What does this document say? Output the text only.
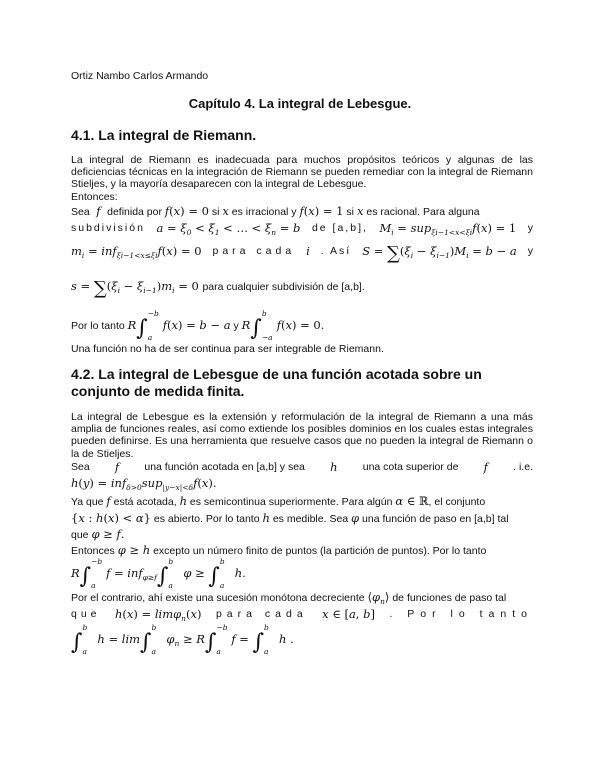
Ortiz Nambo Carlos Armando
Capítulo 4. La integral de Lebesgue.
4.1. La integral de Riemann.
La integral de Riemann es inadecuada para muchos propósitos teóricos y algunas de las deficiencias técnicas en la integración de Riemann se pueden remediar con la integral de Riemann Stieljes, y la mayoría desaparecen con la integral de Lebesgue.
Entonces:
Sea  f  definida por f(x) = 0 si x es irracional y f(x) = 1 si x es racional. Para alguna
subdivisión $a = \xi_0 < \xi_1$ < … < $\xi_n = b$ de [a,b], $M_i = sup_{\xi i-1<x<\xi i}f(x) = 1$ y
$m_i = inf_{\xi i-1<x\le\xi i}f(x) = 0$ para cada i . Así $S = \sum(\xi_i - \xi_{i-1})M_i = b - a$ y
$s = \sum(\xi_i - \xi_{i-1})m_i = 0$ para cualquier subdivisión de [a,b].
Por lo tanto R∫
−b
a
f(x) = b − a y R∫
b
−a
f(x) = 0.
Una función no ha de ser continua para ser integrable de Riemann.
4.2. La integral de Lebesgue de una función acotada sobre un conjunto de medida finita.
La integral de Lebesgue es la extensión y reformulación de la integral de Riemann a una más amplia de funciones reales, así como extiende los posibles dominios en los cuales estas integrales pueden definirse. Es una herramienta que resuelve casos que no pueden la integral de Riemann o la de Stieljes.
Sea f una función acotada en [a,b] y sea h una cota superior de f . i.e.
h(y) = inf$_{\delta>0}$sup$_{|y-x|<\delta}$f(x).
Ya que f está acotada, h es semicontinua superiormente. Para algún α ∈ ℝ, el conjunto
{x : h(x) < α} es abierto. Por lo tanto h es medible. Sea φ una función de paso en [a,b] tal
que φ ≥ f.
Entonces φ ≥ h excepto un número finito de puntos (la partición de puntos). Por lo tanto
R∫
−b
a
f = inf$_{\varphi\ge f}$∫
b
a
φ ≥ ∫
b
a
h.
Por el contrario, ahí existe una sucesión monótona decreciente $⟨\varphi_n⟩$ de funciones de paso tal
que h(x) = limφ$_n$(x) para cada x ∈ [a, b] . Por lo tanto
∫
b
a
h = lim∫
b
a
$\varphi_n \ge R\int$
−b
a
f = ∫
b
a
h .
